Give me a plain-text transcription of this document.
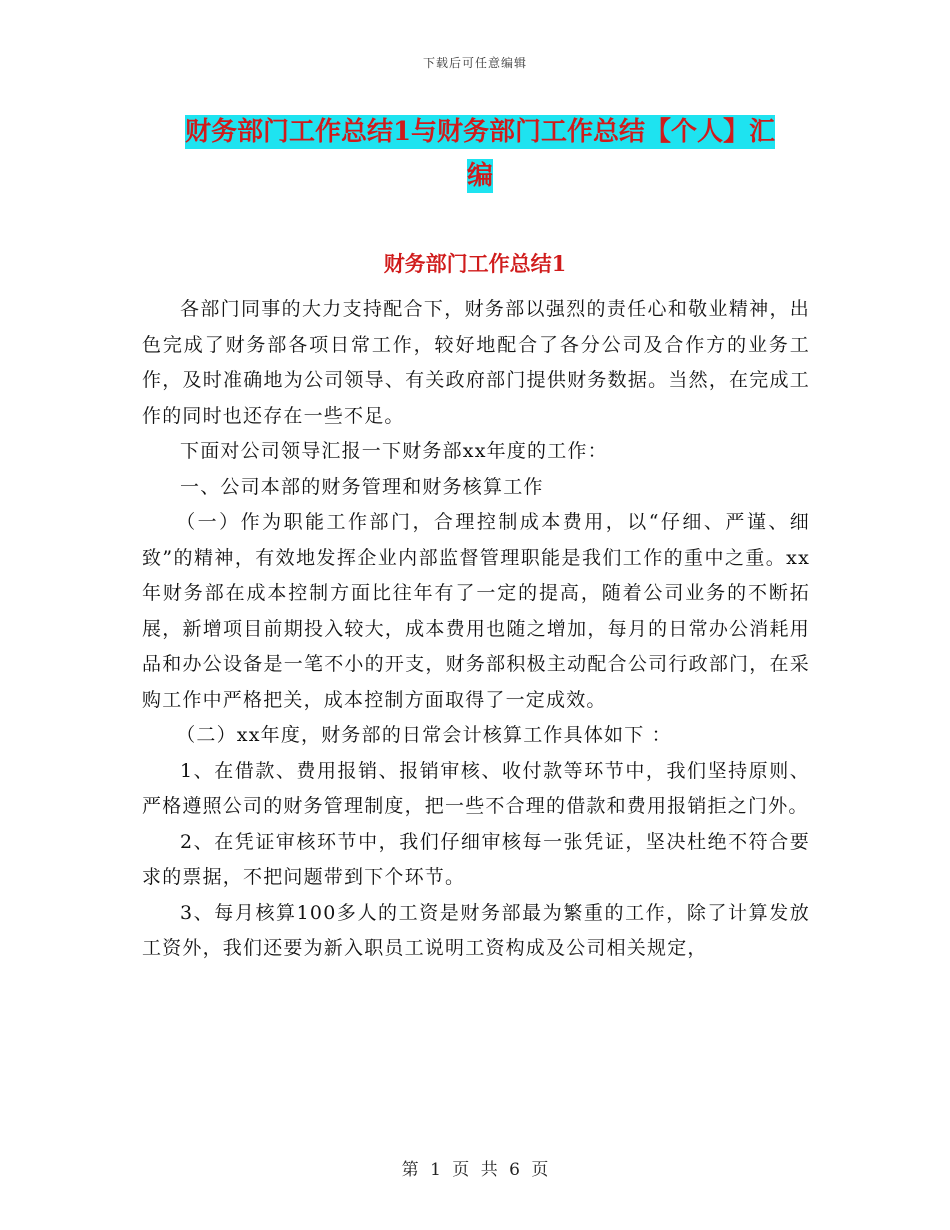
下载后可任意编辑
财务部门工作总结1与财务部门工作总结【个人】汇
编
财务部门工作总结1

各部门同事的大力支持配合下，财务部以强烈的责任心和敬业精神，出色完成了财务部各项日常工作，较好地配合了各分公司及合作方的业务工作，及时准确地为公司领导、有关政府部门提供财务数据。当然，在完成工作的同时也还存在一些不足。

下面对公司领导汇报一下财务部xx年度的工作：

一、公司本部的财务管理和财务核算工作

（一）作为职能工作部门，合理控制成本费用，以“仔细、严谨、细致”的精神，有效地发挥企业内部监督管理职能是我们工作的重中之重。xx年财务部在成本控制方面比往年有了一定的提高，随着公司业务的不断拓展，新增项目前期投入较大，成本费用也随之增加，每月的日常办公消耗用品和办公设备是一笔不小的开支，财务部积极主动配合公司行政部门，在采购工作中严格把关，成本控制方面取得了一定成效。

（二）xx年度，财务部的日常会计核算工作具体如下 ：

1、在借款、费用报销、报销审核、收付款等环节中，我们坚持原则、严格遵照公司的财务管理制度，把一些不合理的借款和费用报销拒之门外。

2、在凭证审核环节中，我们仔细审核每一张凭证，坚决杜绝不符合要求的票据，不把问题带到下个环节。

3、每月核算100多人的工资是财务部最为繁重的工作，除了计算发放工资外，我们还要为新入职员工说明工资构成及公司相关规定，

第 1 页 共 6 页
